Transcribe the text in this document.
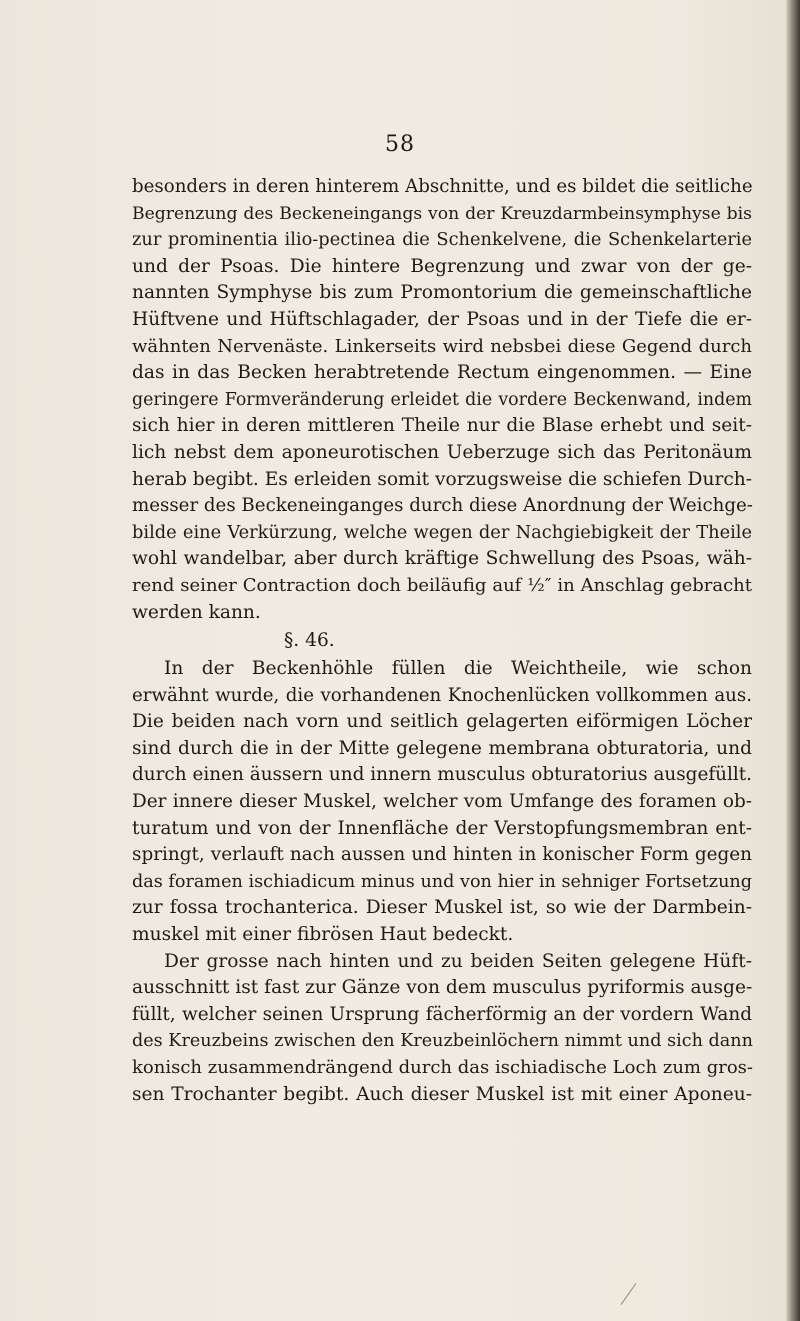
58
besonders in deren hinterem Abschnitte, und es bildet die seitliche
Begrenzung des Beckeneingangs von der Kreuzdarmbeinsymphyse bis
zur prominentia ilio-pectinea die Schenkelvene, die Schenkelarterie
und der Psoas. Die hintere Begrenzung und zwar von der ge-
nannten Symphyse bis zum Promontorium die gemeinschaftliche
Hüftvene und Hüftschlagader, der Psoas und in der Tiefe die er-
wähnten Nervenäste. Linkerseits wird nebsbei diese Gegend durch
das in das Becken herabtretende Rectum eingenommen. — Eine
geringere Formveränderung erleidet die vordere Beckenwand, indem
sich hier in deren mittleren Theile nur die Blase erhebt und seit-
lich nebst dem aponeurotischen Ueberzuge sich das Peritonäum
herab begibt. Es erleiden somit vorzugsweise die schiefen Durch-
messer des Beckeneinganges durch diese Anordnung der Weichge-
bilde eine Verkürzung, welche wegen der Nachgiebigkeit der Theile
wohl wandelbar, aber durch kräftige Schwellung des Psoas, wäh-
rend seiner Contraction doch beiläufig auf ½″ in Anschlag gebracht
werden kann.
§. 46.
In der Beckenhöhle füllen die Weichtheile, wie schon
erwähnt wurde, die vorhandenen Knochenlücken vollkommen aus.
Die beiden nach vorn und seitlich gelagerten eiförmigen Löcher
sind durch die in der Mitte gelegene membrana obturatoria, und
durch einen äussern und innern musculus obturatorius ausgefüllt.
Der innere dieser Muskel, welcher vom Umfange des foramen ob-
turatum und von der Innenfläche der Verstopfungsmembran ent-
springt, verlauft nach aussen und hinten in konischer Form gegen
das foramen ischiadicum minus und von hier in sehniger Fortsetzung
zur fossa trochanterica. Dieser Muskel ist, so wie der Darmbein-
muskel mit einer fibrösen Haut bedeckt.
Der grosse nach hinten und zu beiden Seiten gelegene Hüft-
ausschnitt ist fast zur Gänze von dem musculus pyriformis ausge-
füllt, welcher seinen Ursprung fächerförmig an der vordern Wand
des Kreuzbeins zwischen den Kreuzbeinlöchern nimmt und sich dann
konisch zusammendrängend durch das ischiadische Loch zum gros-
sen Trochanter begibt. Auch dieser Muskel ist mit einer Aponeu-
